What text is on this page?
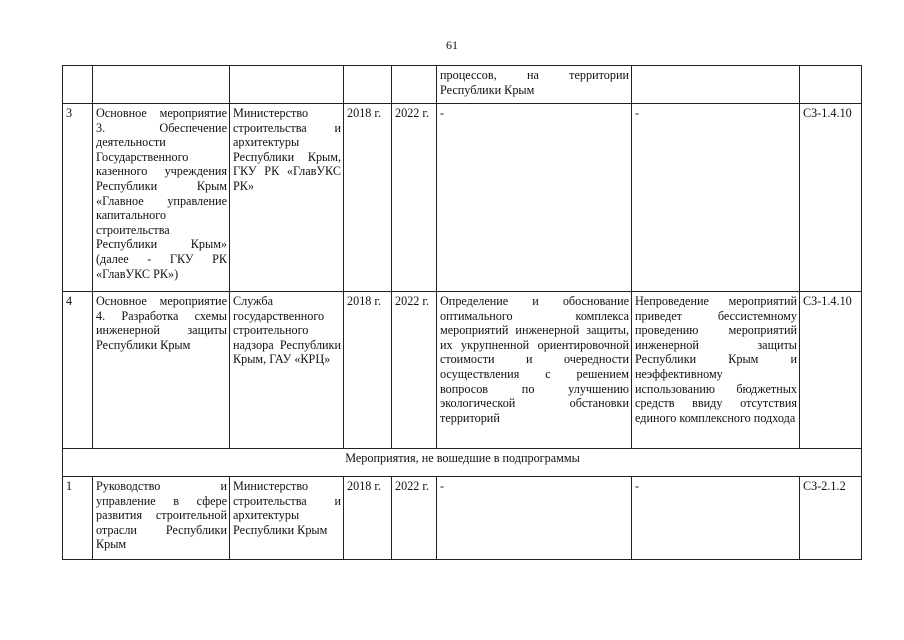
61
					процессов, на территории Республики Крым		
3	Основное мероприятие 3. Обеспечение деятельности Государственного казенного учреждения Республики Крым «Главное управление капитального строительства Республики Крым» (далее - ГКУ РК «ГлавУКС РК»)	Министерство строительства и архитектуры Республики Крым, ГКУ РК «ГлавУКС РК»	2018 г.	2022 г.	-	-	СЗ-1.4.10
4	Основное мероприятие 4. Разработка схемы инженерной защиты Республики Крым	Служба государственного строительного надзора Республики Крым, ГАУ «КРЦ»	2018 г.	2022 г.	Определение и обоснование оптимального комплекса мероприятий инженерной защиты, их укрупненной ориентировочной стоимости и очередности осуществления с решением вопросов по улучшению экологической обстановки территорий	Непроведение мероприятий приведет бессистемному проведению мероприятий инженерной защиты Республики Крым и неэффективному использованию бюджетных средств ввиду отсутствия единого комплексного подхода	СЗ-1.4.10
Мероприятия, не вошедшие в подпрограммы							
1	Руководство и управление в сфере развития строительной отрасли Республики Крым	Министерство строительства и архитектуры Республики Крым	2018 г.	2022 г.	-	-	СЗ-2.1.2
